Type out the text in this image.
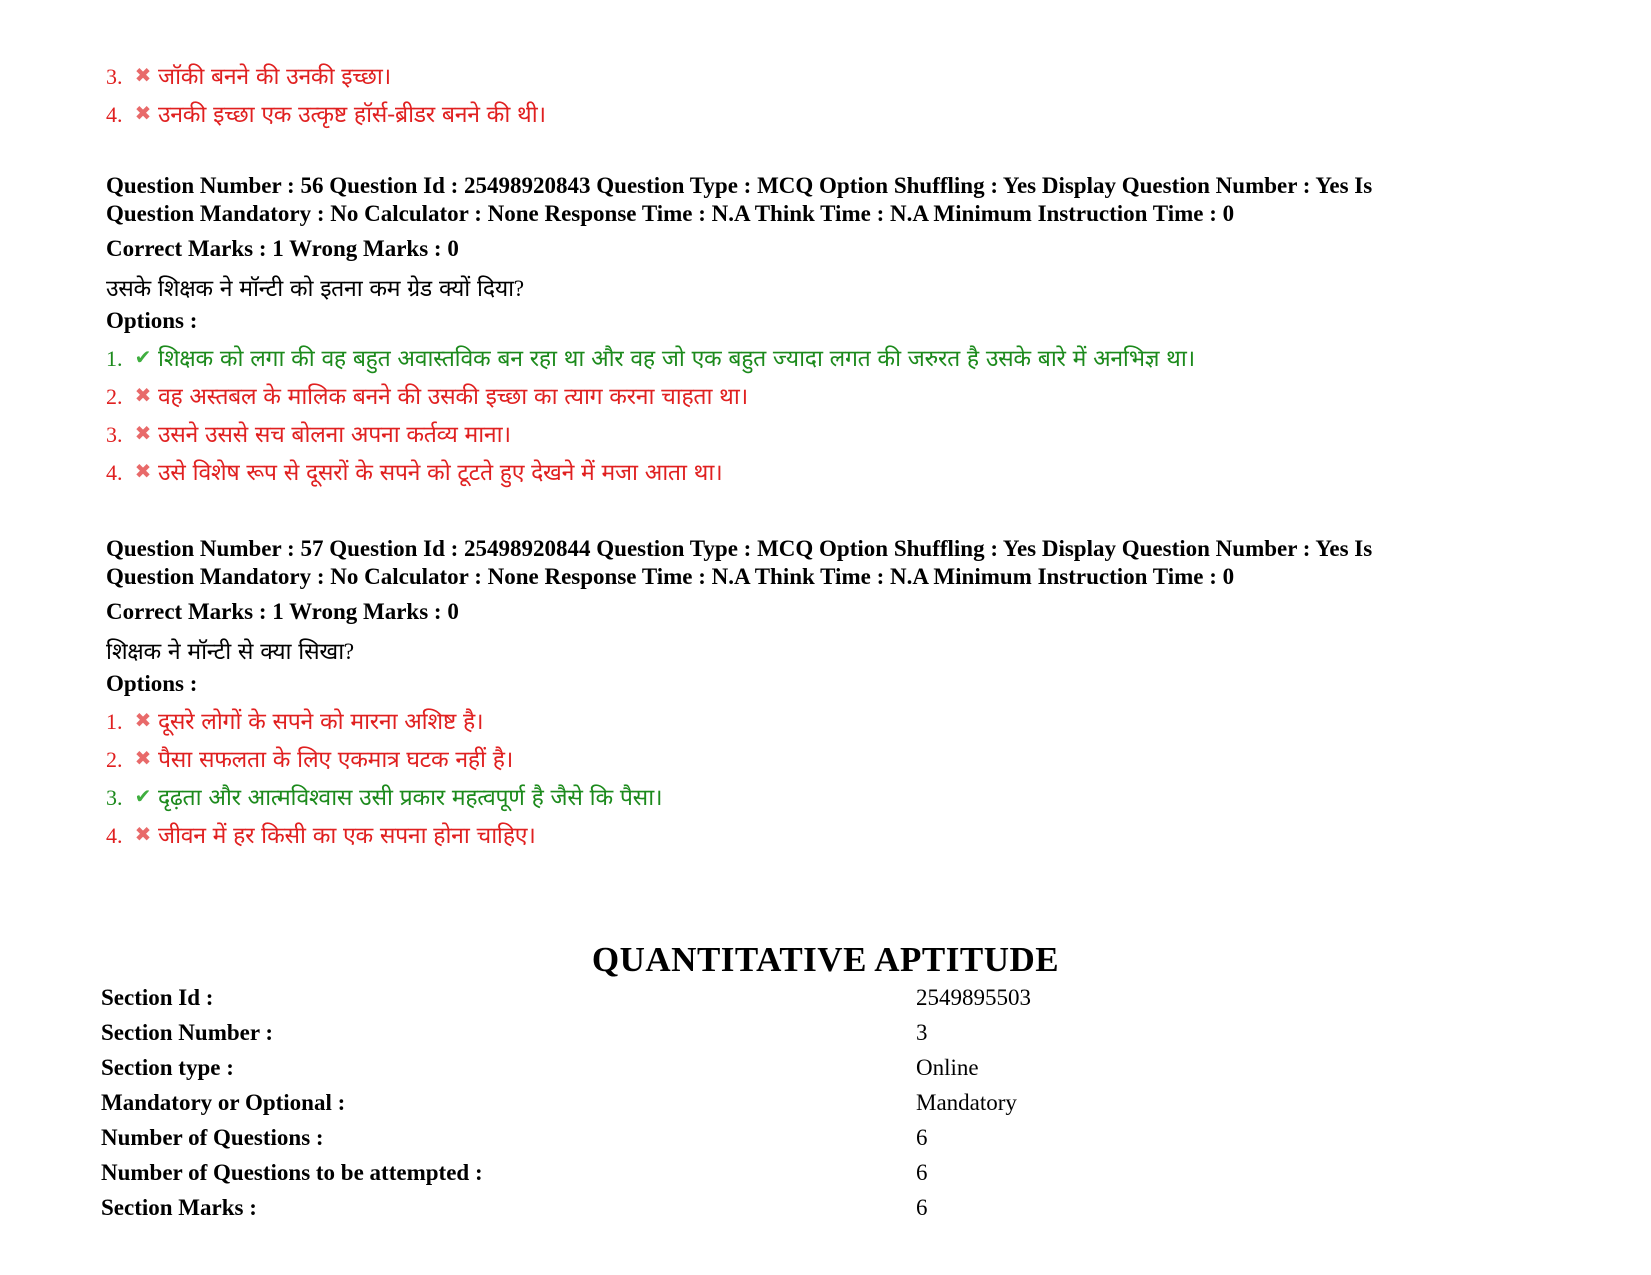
3. ✖ जॉकी बनने की उनकी इच्छा।
4. ✖ उनकी इच्छा एक उत्कृष्ट हॉर्स-ब्रीडर बनने की थी।
Question Number : 56 Question Id : 25498920843 Question Type : MCQ Option Shuffling : Yes Display Question Number : Yes Is
Question Mandatory : No Calculator : None Response Time : N.A Think Time : N.A Minimum Instruction Time : 0
Correct Marks : 1 Wrong Marks : 0
उसके शिक्षक ने मॉन्टी को इतना कम ग्रेड क्यों दिया?
Options :
1. ✔ शिक्षक को लगा की वह बहुत अवास्तविक बन रहा था और वह जो एक बहुत ज्यादा लगत की जरुरत है उसके बारे में अनभिज्ञ था।
2. ✖ वह अस्तबल के मालिक बनने की उसकी इच्छा का त्याग करना चाहता था।
3. ✖ उसने उससे सच बोलना अपना कर्तव्य माना।
4. ✖ उसे विशेष रूप से दूसरों के सपने को टूटते हुए देखने में मजा आता था।
Question Number : 57 Question Id : 25498920844 Question Type : MCQ Option Shuffling : Yes Display Question Number : Yes Is
Question Mandatory : No Calculator : None Response Time : N.A Think Time : N.A Minimum Instruction Time : 0
Correct Marks : 1 Wrong Marks : 0
शिक्षक ने मॉन्टी से क्या सिखा?
Options :
1. ✖ दूसरे लोगों के सपने को मारना अशिष्ट है।
2. ✖ पैसा सफलता के लिए एकमात्र घटक नहीं है।
3. ✔ दृढ़ता और आत्मविश्वास उसी प्रकार महत्वपूर्ण है जैसे कि पैसा।
4. ✖ जीवन में हर किसी का एक सपना होना चाहिए।
QUANTITATIVE APTITUDE
Section Id :	2549895503
Section Number :	3
Section type :	Online
Mandatory or Optional :	Mandatory
Number of Questions :	6
Number of Questions to be attempted :	6
Section Marks :	6
